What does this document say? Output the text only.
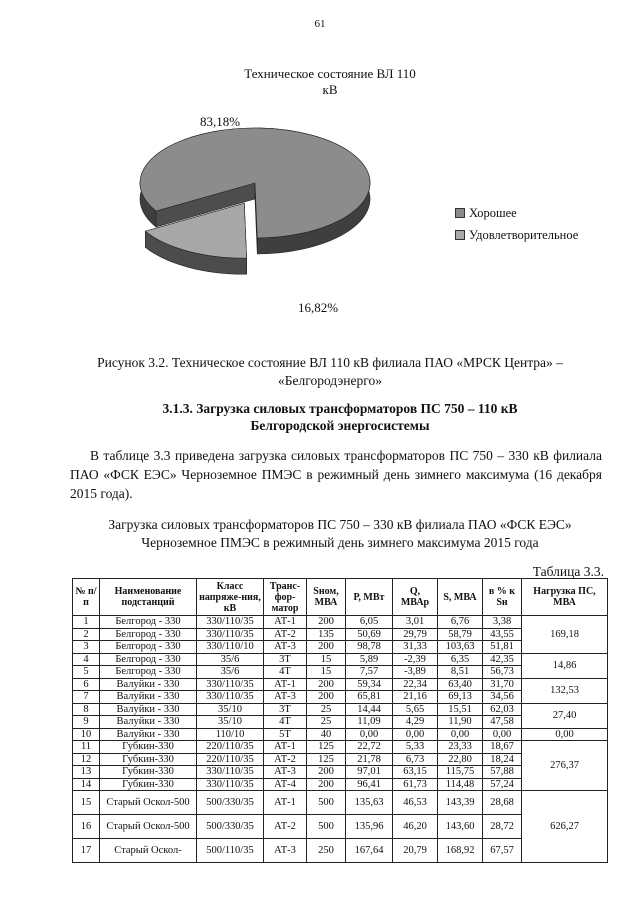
61
Техническое состояние ВЛ 110
кВ
83,18%
16,82%
Хорошее
Удовлетворительное
Рисунок 3.2. Техническое состояние ВЛ 110 кВ филиала ПАО «МРСК Центра» –
«Белгородэнерго»
3.1.3. Загрузка силовых трансформаторов ПС 750 – 110 кВ
Белгородской энергосистемы
В таблице 3.3 приведена загрузка силовых трансформаторов ПС 750 – 330 кВ филиала ПАО «ФСК ЕЭС» Черноземное ПМЭС в режимный день зимнего максимума (16 декабря 2015 года).
Загрузка силовых трансформаторов ПС 750 – 330 кВ филиала ПАО «ФСК ЕЭС»
Черноземное ПМЭС в режимный день зимнего максимума 2015 года
Таблица 3.3.
№ п/п	Наименование подстанций	Класс напряже-ния, кВ	Транс-фор-матор	Sном, МВА	Р, МВт	Q, МВАр	S, МВА	в % к Sн	Нагрузка ПС, МВА
1	Белгород - 330	330/110/35	АТ-1	200	6,05	3,01	6,76	3,38	169,18
2	Белгород - 330	330/110/35	АТ-2	135	50,69	29,79	58,79	43,55	
3	Белгород - 330	330/110/10	АТ-3	200	98,78	31,33	103,63	51,81	
4	Белгород - 330	35/6	3Т	15	5,89	-2,39	6,35	42,35	14,86
5	Белгород - 330	35/6	4Т	15	7,57	-3,89	8,51	56,73	
6	Валуйки - 330	330/110/35	АТ-1	200	59,34	22,34	63,40	31,70	132,53
7	Валуйки - 330	330/110/35	АТ-3	200	65,81	21,16	69,13	34,56	
8	Валуйки - 330	35/10	3Т	25	14,44	5,65	15,51	62,03	27,40
9	Валуйки - 330	35/10	4Т	25	11,09	4,29	11,90	47,58	
10	Валуйки - 330	110/10	5Т	40	0,00	0,00	0,00	0,00	0,00
11	Губкин-330	220/110/35	АТ-1	125	22,72	5,33	23,33	18,67	276,37
12	Губкин-330	220/110/35	АТ-2	125	21,78	6,73	22,80	18,24	
13	Губкин-330	330/110/35	АТ-3	200	97,01	63,15	115,75	57,88	
14	Губкин-330	330/110/35	АТ-4	200	96,41	61,73	114,48	57,24	
15	Старый Оскол-500	500/330/35	АТ-1	500	135,63	46,53	143,39	28,68	626,27
16	Старый Оскол-500	500/330/35	АТ-2	500	135,96	46,20	143,60	28,72	
17	Старый Оскол-	500/110/35	АТ-3	250	167,64	20,79	168,92	67,57	
